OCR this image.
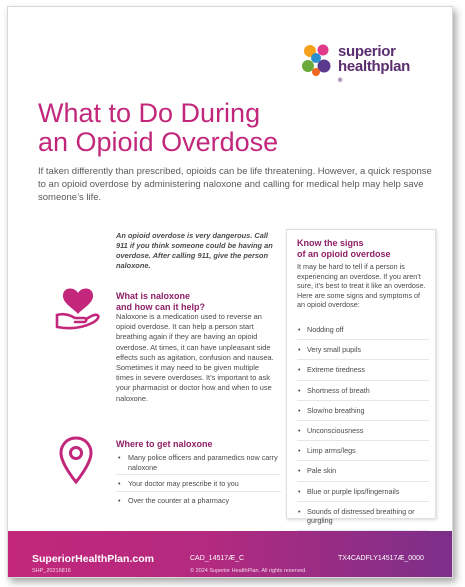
superior
healthplan
®
What to Do During
an Opioid Overdose

If taken differently than prescribed, opioids can be life threatening. However, a quick response to an opioid overdose by administering naloxone and calling for medical help may help save someone’s life.

An opioid overdose is very dangerous. Call 911 if you think someone could be having an overdose. After calling 911, give the person naloxone.

What is naloxone
and how can it help?

Naloxone is a medication used to reverse an opioid overdose. It can help a person start breathing again if they are having an opioid overdose. At times, it can have unpleasant side effects such as agitation, confusion and nausea. Sometimes it may need to be given multiple times in severe overdoses. It’s important to ask your pharmacist or doctor how and when to use naloxone.

Where to get naloxone
• Many police officers and paramedics now carry naloxone
• Your doctor may prescribe it to you
• Over the counter at a pharmacy
Know the signs
of an opioid overdose

It may be hard to tell if a person is experiencing an overdose. If you aren’t sure, it’s best to treat it like an overdose. Here are some signs and symptoms of an opioid overdose:

• Nodding off
• Very small pupils
• Extreme tiredness
• Shortness of breath
• Slow/no breathing
• Unconsciousness
• Limp arms/legs
• Pale skin
• Blue or purple lips/fingernails
• Sounds of distressed breathing or gurgling
•
SuperiorHealthPlan.com	CAD_14517Æ_C	TX4CADFLY14517Æ_0000
SHP_20216816	© 2024 Superior HealthPlan. All rights reserved.
